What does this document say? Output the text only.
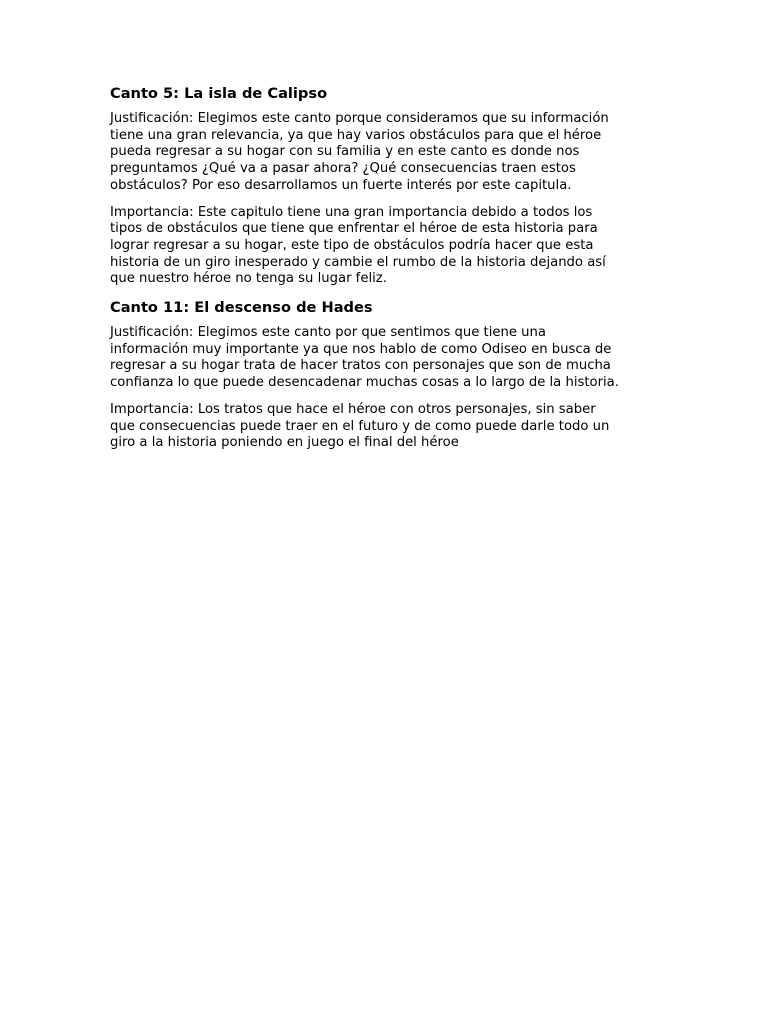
Canto 5: La isla de Calipso
Justificación: Elegimos este canto porque consideramos que su información
tiene una gran relevancia, ya que hay varios obstáculos para que el héroe
pueda regresar a su hogar con su familia y en este canto es donde nos
preguntamos ¿Qué va a pasar ahora? ¿Qué consecuencias traen estos
obstáculos? Por eso desarrollamos un fuerte interés por este capitula.
Importancia: Este capitulo tiene una gran importancia debido a todos los
tipos de obstáculos que tiene que enfrentar el héroe de esta historia para
lograr regresar a su hogar, este tipo de obstáculos podría hacer que esta
historia de un giro inesperado y cambie el rumbo de la historia dejando así
que nuestro héroe no tenga su lugar feliz.
Canto 11: El descenso de Hades
Justificación: Elegimos este canto por que sentimos que tiene una
información muy importante ya que nos hablo de como Odiseo en busca de
regresar a su hogar trata de hacer tratos con personajes que son de mucha
confianza lo que puede desencadenar muchas cosas a lo largo de la historia.
Importancia: Los tratos que hace el héroe con otros personajes, sin saber
que consecuencias puede traer en el futuro y de como puede darle todo un
giro a la historia poniendo en juego el final del héroe
